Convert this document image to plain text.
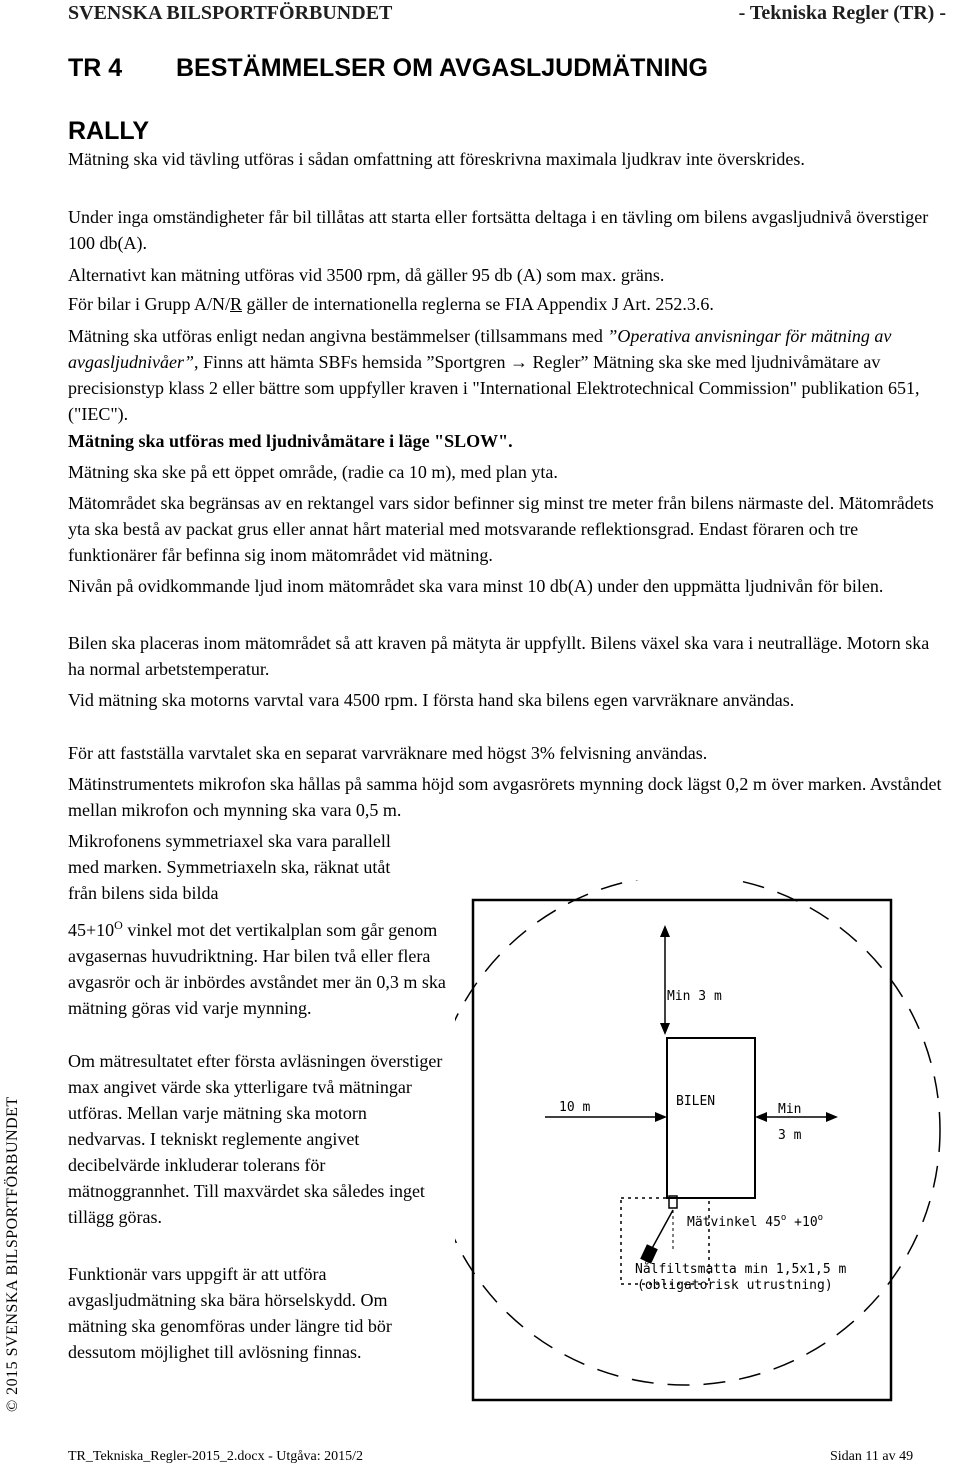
SVENSKA BILSPORTFÖRBUNDET	- Tekniska Regler (TR) -
TR 4 BESTÄMMELSER OM AVGASLJUDMÄTNING
RALLY

Mätning ska vid tävling utföras i sådan omfattning att föreskrivna maximala ljudkrav inte överskrides.

Under inga omständigheter får bil tillåtas att starta eller fortsätta deltaga i en tävling om bilens avgasljudnivå överstiger 100 db(A).

Alternativt kan mätning utföras vid 3500 rpm, då gäller 95 db (A) som max. gräns.

För bilar i Grupp A/N/R gäller de internationella reglerna se FIA Appendix J Art. 252.3.6.

Mätning ska utföras enligt nedan angivna bestämmelser (tillsammans med ”Operativa anvisningar för mätning av avgasljudnivåer”, Finns att hämta SBFs hemsida ”Sportgren → Regler” Mätning ska ske med ljudnivåmätare av precisionstyp klass 2 eller bättre som uppfyller kraven i "International Elektrotechnical Commission" publikation 651, ("IEC").

Mätning ska utföras med ljudnivåmätare i läge "SLOW".

Mätning ska ske på ett öppet område, (radie ca 10 m), med plan yta.

Mätområdet ska begränsas av en rektangel vars sidor befinner sig minst tre meter från bilens närmaste del. Mätområdets yta ska bestå av packat grus eller annat hårt material med motsvarande reflektionsgrad. Endast föraren och tre funktionärer får befinna sig inom mätområdet vid mätning.

Nivån på ovidkommande ljud inom mätområdet ska vara minst 10 db(A) under den uppmätta ljudnivån för bilen.

Bilen ska placeras inom mätområdet så att kraven på mätyta är uppfyllt. Bilens växel ska vara i neutralläge. Motorn ska ha normal arbetstemperatur.

Vid mätning ska motorns varvtal vara 4500 rpm. I första hand ska bilens egen varvräknare användas.

För att fastställa varvtalet ska en separat varvräknare med högst 3% felvisning användas.

Mätinstrumentets mikrofon ska hållas på samma höjd som avgasrörets mynning dock lägst 0,2 m över marken. Avståndet mellan mikrofon och mynning ska vara 0,5 m.

Mikrofonens symmetriaxel ska vara parallell med marken. Symmetriaxeln ska, räknat utåt från bilens sida bilda

$45+10^O$ vinkel mot det vertikalplan som går genom avgasernas huvudriktning. Har bilen två eller flera avgasrör och är inbördes avståndet mer än 0,3 m ska mätning göras vid varje mynning.

Om mätresultatet efter första avläsningen överstiger max angivet värde ska ytterligare två mätningar utföras. Mellan varje mätning ska motorn nedvarvas. I tekniskt reglemente angivet decibelvärde inkluderar tolerans för mätnoggrannhet. Till maxvärdet ska således inget tillägg göras.

Funktionär vars uppgift är att utföra avgasljudmätning ska bära hörselskydd. Om mätning ska genomföras under längre tid bör dessutom möjlighet till avlösning finnas.

Min 3 m
BILEN
10 m	Min
3 m
Mätvinkel $45^o +10^o$
Nålfiltsmatta min 1,5x1,5 m
(obligatorisk utrustning)
© 2015 SVENSKA BILSPORTFÖRBUNDET
TR_Tekniska_Regler-2015_2.docx - Utgåva: 2015/2	Sidan 11 av 49
